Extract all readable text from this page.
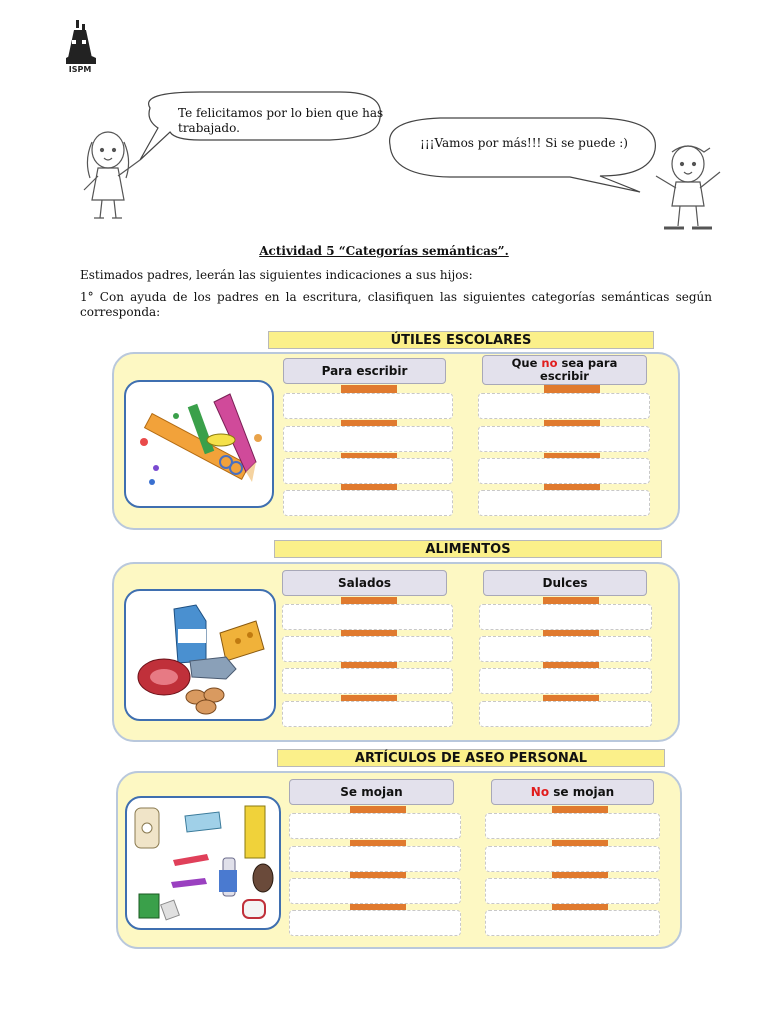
ISPM
Te felicitamos por lo bien que has
trabajado.
¡¡¡Vamos por más!!! Si se puede :)
Actividad 5 “Categorías semánticas”.
Estimados padres, leerán las siguientes indicaciones a sus hijos:
1° Con ayuda de los padres en la escritura, clasifiquen las siguientes categorías semánticas según corresponda:
ÚTILES ESCOLARES
Para escribir
Que no sea para
escribir
ALIMENTOS
Salados	Dulces
ARTÍCULOS DE ASEO PERSONAL
Se mojan	No se mojan
